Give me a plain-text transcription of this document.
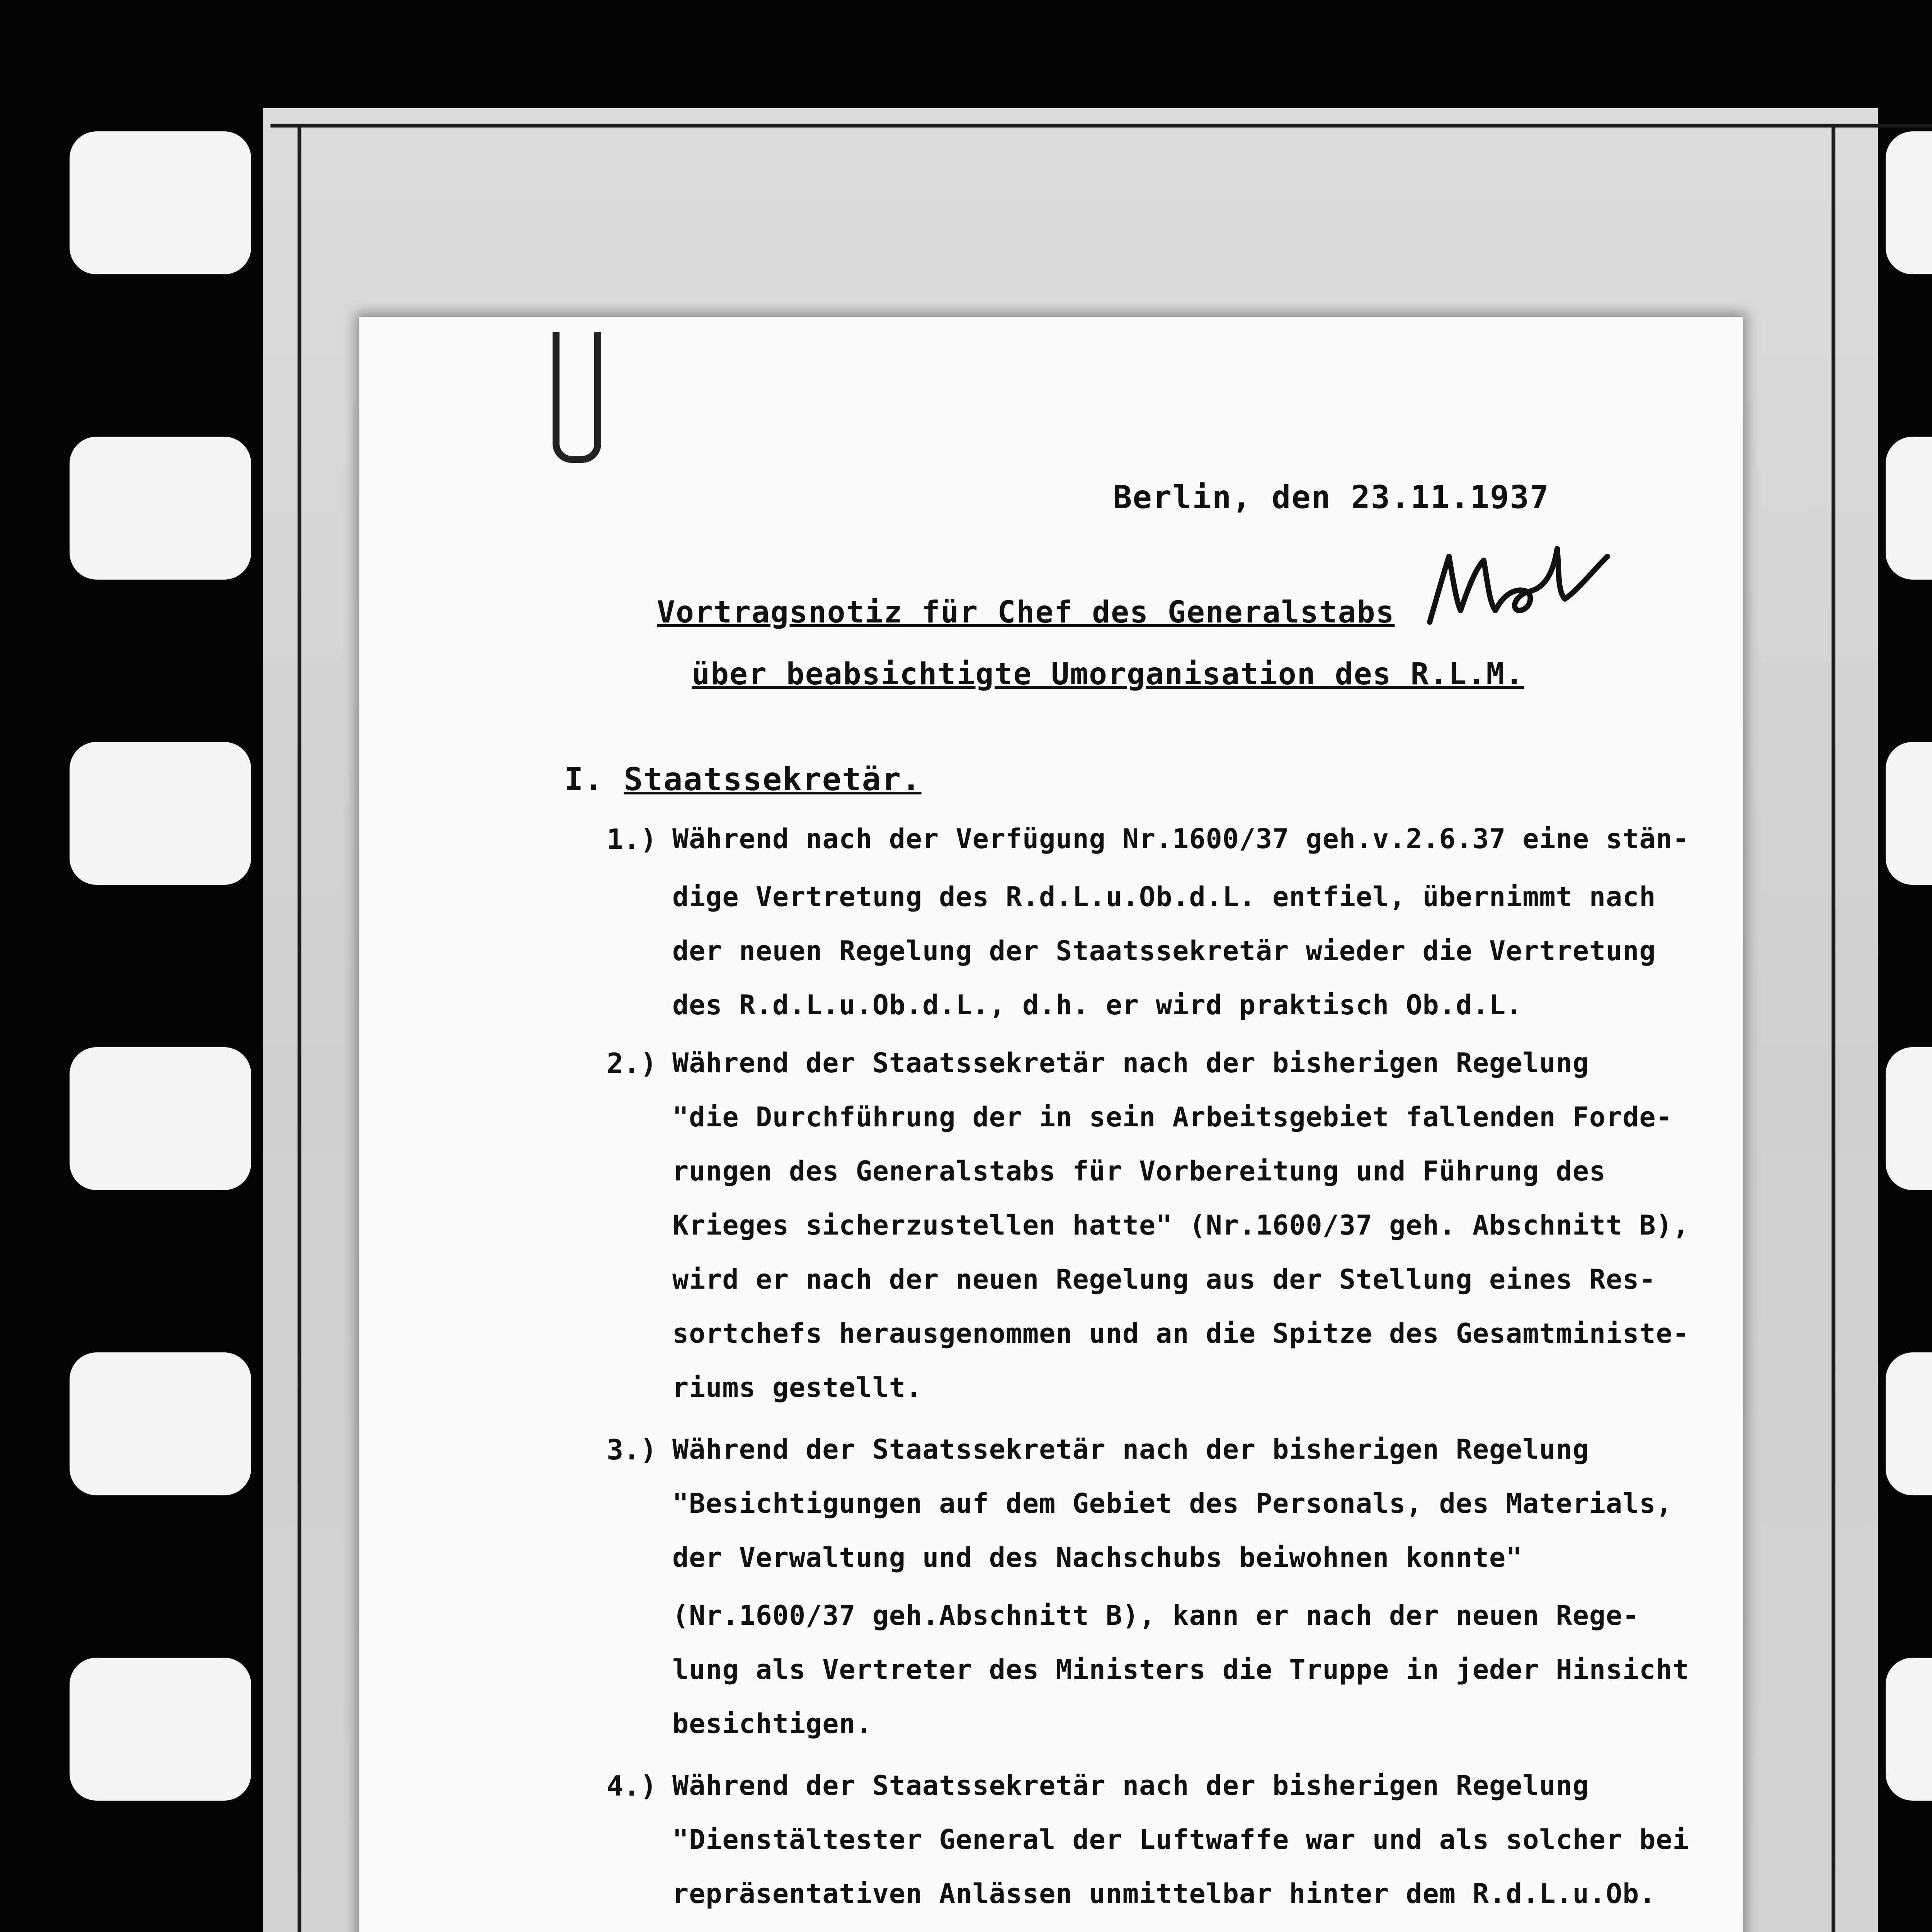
Berlin, den 23.11.1937
Vortragsnotiz für Chef des Generalstabs
über beabsichtigte Umorganisation des R.L.M.
I. Staatssekretär.
1.) Während nach der Verfügung Nr.1600/37 geh.v.2.6.37 eine stän-
dige Vertretung des R.d.L.u.Ob.d.L. entfiel, übernimmt nach
der neuen Regelung der Staatssekretär wieder die Vertretung
des R.d.L.u.Ob.d.L., d.h. er wird praktisch Ob.d.L.
2.) Während der Staatssekretär nach der bisherigen Regelung
"die Durchführung der in sein Arbeitsgebiet fallenden Forde-
rungen des Generalstabs für Vorbereitung und Führung des
Krieges sicherzustellen hatte" (Nr.1600/37 geh. Abschnitt B),
wird er nach der neuen Regelung aus der Stellung eines Res-
sortchefs herausgenommen und an die Spitze des Gesamtministe-
riums gestellt.
3.) Während der Staatssekretär nach der bisherigen Regelung
"Besichtigungen auf dem Gebiet des Personals, des Materials,
der Verwaltung und des Nachschubs beiwohnen konnte"
(Nr.1600/37 geh.Abschnitt B), kann er nach der neuen Rege-
lung als Vertreter des Ministers die Truppe in jeder Hinsicht
besichtigen.
4.) Während der Staatssekretär nach der bisherigen Regelung
"Dienstältester General der Luftwaffe war und als solcher bei
repräsentativen Anlässen unmittelbar hinter dem R.d.L.u.Ob.
